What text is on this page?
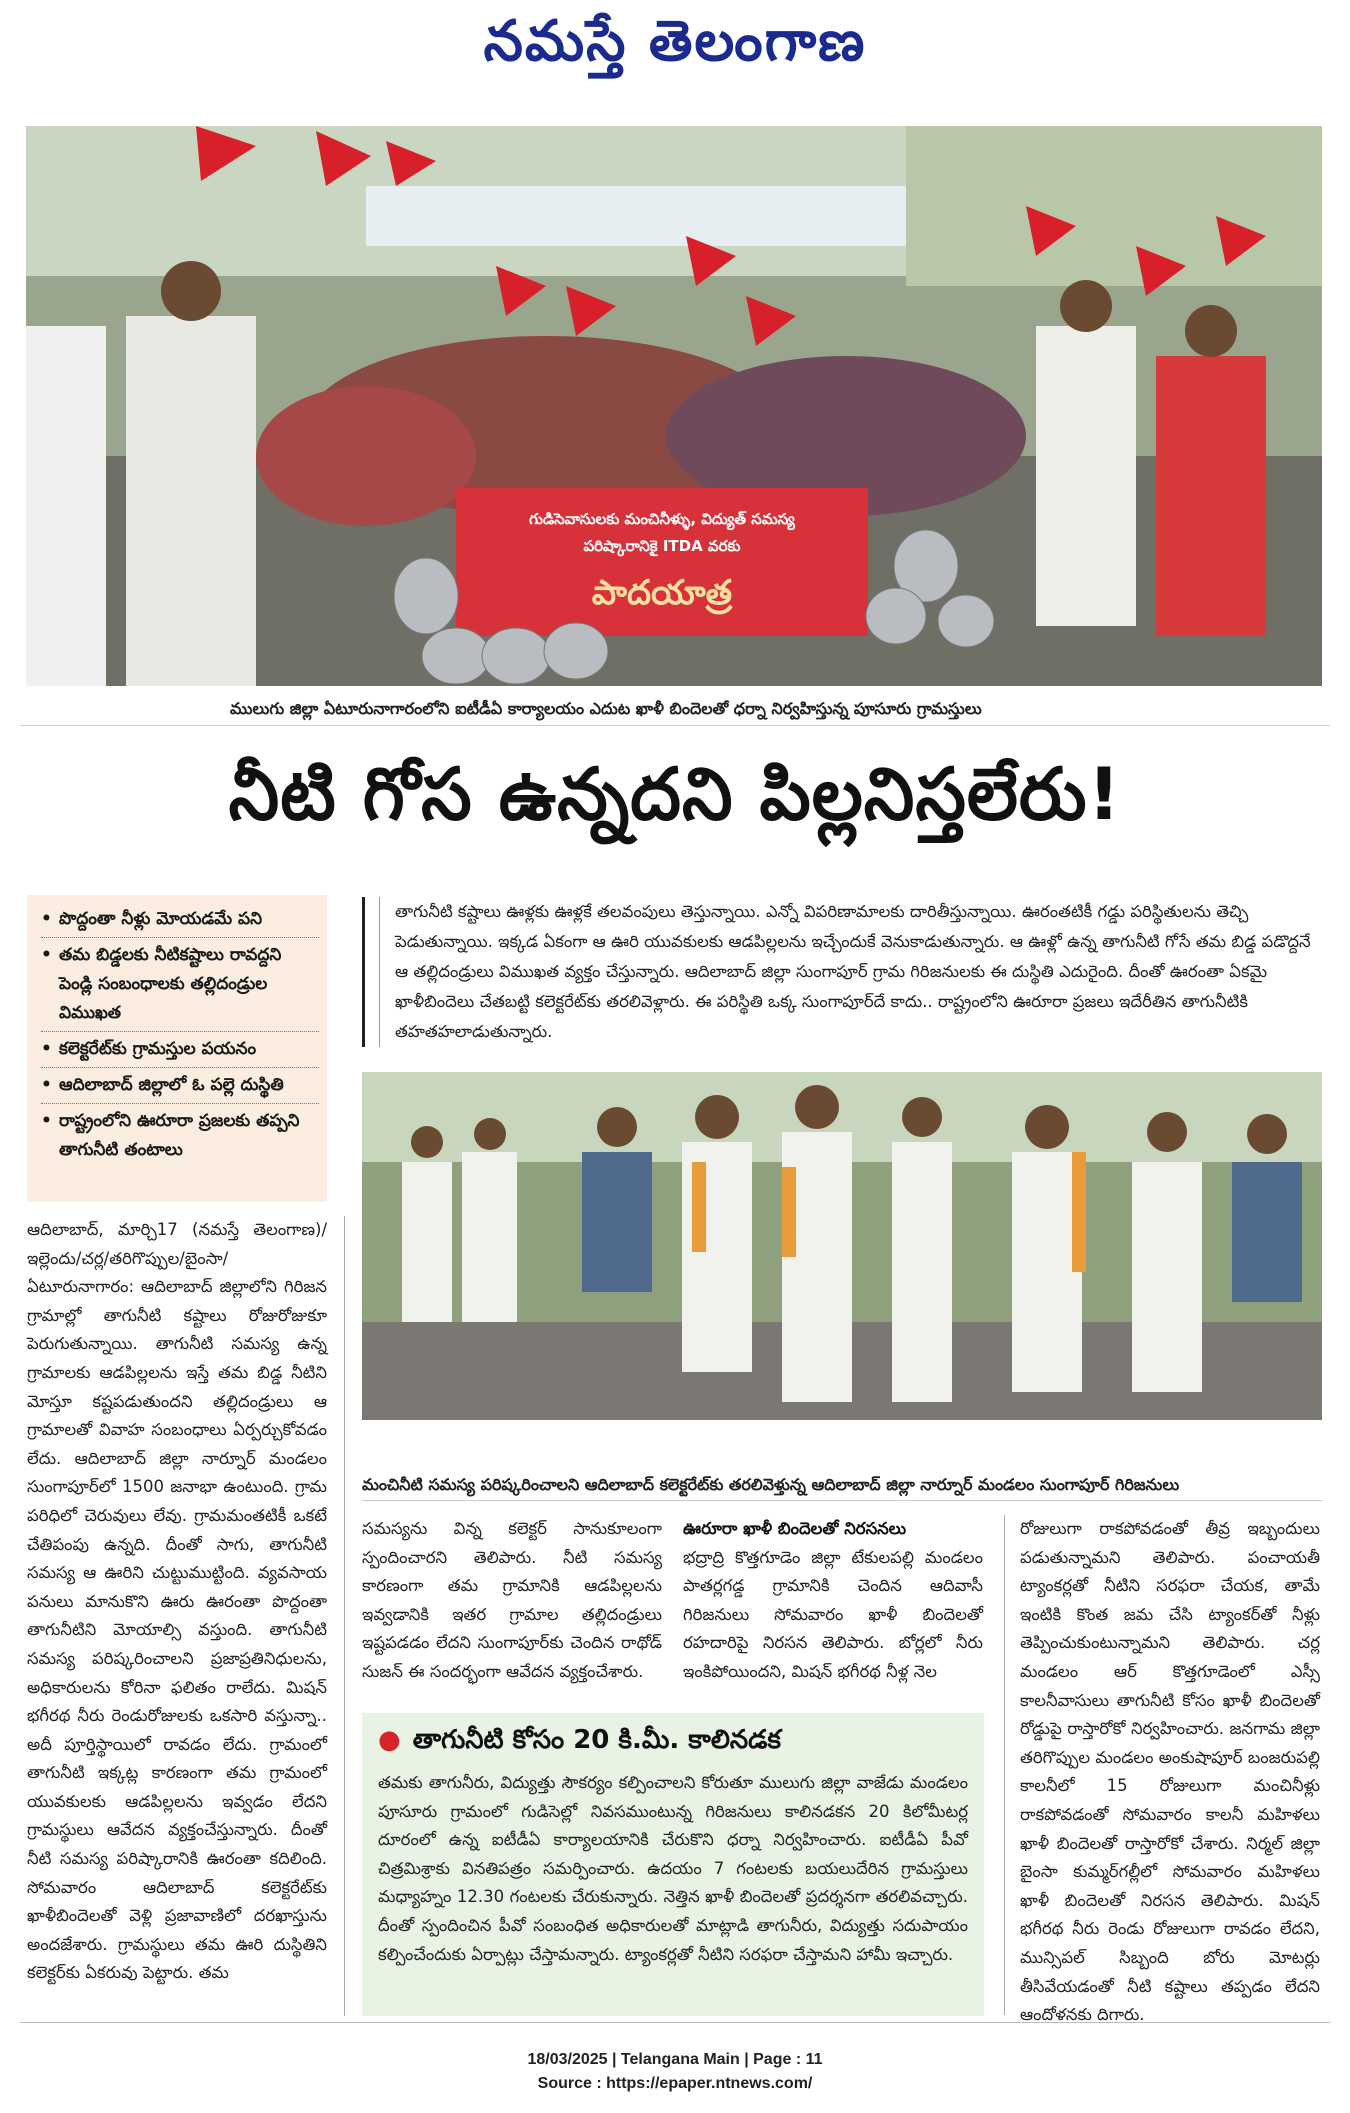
నమస్తే తెలంగాణ
గుడిసెవాసులకు మంచినీళ్ళు, విద్యుత్ సమస్య
పరిష్కారానికై ITDA వరకు
పాదయాత్ర
ములుగు జిల్లా ఏటూరునాగారంలోని ఐటీడీఏ కార్యాలయం ఎదుట ఖాళీ బిందెలతో ధర్నా నిర్వహిస్తున్న పూసూరు గ్రామస్తులు
నీటి గోస ఉన్నదని పిల్లనిస్తలేరు!
• పొద్దంతా నీళ్లు మోయడమే పని
• తమ బిడ్డలకు నీటికష్టాలు రావద్దని పెండ్లి సంబంధాలకు తల్లిదండ్రుల విముఖత
• కలెక్టరేట్‌కు గ్రామస్తుల పయనం
• ఆదిలాబాద్ జిల్లాలో ఓ పల్లె దుస్థితి
• రాష్ట్రంలోని ఊరూరా ప్రజలకు తప్పని తాగునీటి తంటాలు
తాగునీటి కష్టాలు ఊళ్లకు ఊళ్లకే తలవంపులు తెస్తున్నాయి. ఎన్నో విపరిణామాలకు దారితీస్తున్నాయి. ఊరంతటికీ గడ్డు పరిస్థితులను తెచ్చి పెడుతున్నాయి. ఇక్కడ ఏకంగా ఆ ఊరి యువకులకు ఆడపిల్లలను ఇచ్చేందుకే వెనుకాడుతున్నారు. ఆ ఊళ్లో ఉన్న తాగునీటి గోసే తమ బిడ్డ పడొద్దనే ఆ తల్లిదండ్రులు విముఖత వ్యక్తం చేస్తున్నారు. ఆదిలాబాద్ జిల్లా సుంగాపూర్ గ్రామ గిరిజనులకు ఈ దుస్థితి ఎదురైంది. దీంతో ఊరంతా ఏకమై ఖాళీబిందెలు చేతబట్టి కలెక్టరేట్‌కు తరలివెళ్లారు. ఈ పరిస్థితి ఒక్క సుంగాపూర్‌దే కాదు.. రాష్ట్రంలోని ఊరూరా ప్రజలు ఇదేరీతిన తాగునీటికి తహతహలాడుతున్నారు.
మంచినీటి సమస్య పరిష్కరించాలని ఆదిలాబాద్ కలెక్టరేట్‌కు తరలివెళ్తున్న ఆదిలాబాద్ జిల్లా నార్నూర్ మండలం సుంగాపూర్ గిరిజనులు

ఆదిలాబాద్, మార్చి17 (నమస్తే తెలంగాణ)/ఇల్లెందు/చర్ల/తరిగొప్పుల/బైంసా/ఏటూరునాగారం: ఆదిలాబాద్ జిల్లాలోని గిరిజన గ్రామాల్లో తాగునీటి కష్టాలు రోజురోజుకూ పెరుగుతున్నాయి. తాగునీటి సమస్య ఉన్న గ్రామాలకు ఆడపిల్లలను ఇస్తే తమ బిడ్డ నీటిని మోస్తూ కష్టపడుతుందని తల్లిదండ్రులు ఆ గ్రామాలతో వివాహ సంబంధాలు ఏర్పర్చుకోవడం లేదు. ఆదిలాబాద్ జిల్లా నార్నూర్ మండలం సుంగాపూర్‌లో 1500 జనాభా ఉంటుంది. గ్రామ పరిధిలో చెరువులు లేవు. గ్రామమంతటికీ ఒకటే చేతిపంపు ఉన్నది. దీంతో సాగు, తాగునీటి సమస్య ఆ ఊరిని చుట్టుముట్టింది. వ్యవసాయ పనులు మానుకొని ఊరు ఊరంతా పొద్దంతా తాగునీటిని మోయాల్సి వస్తుంది. తాగునీటి సమస్య పరిష్కరించాలని ప్రజాప్రతినిధులను, అధికారులను కోరినా ఫలితం రాలేదు. మిషన్ భగీరథ నీరు రెండురోజులకు ఒకసారి వస్తున్నా.. అదీ పూర్తిస్థాయిలో రావడం లేదు. గ్రామంలో తాగునీటి ఇక్కట్ల కారణంగా తమ గ్రామంలో యువకులకు ఆడపిల్లలను ఇవ్వడం లేదని గ్రామస్థులు ఆవేదన వ్యక్తంచేస్తున్నారు. దీంతో నీటి సమస్య పరిష్కారానికి ఊరంతా కదిలింది. సోమవారం ఆదిలాబాద్ కలెక్టరేట్‌కు ఖాళీబిందెలతో వెళ్లి ప్రజావాణిలో దరఖాస్తును అందజేశారు. గ్రామస్థులు తమ ఊరి దుస్థితిని కలెక్టర్‌కు ఏకరువు పెట్టారు. తమ

సమస్యను విన్న కలెక్టర్ సానుకూలంగా స్పందించారని తెలిపారు. నీటి సమస్య కారణంగా తమ గ్రామానికి ఆడపిల్లలను ఇవ్వడానికి ఇతర గ్రామాల తల్లిదండ్రులు ఇష్టపడడం లేదని సుంగాపూర్‌కు చెందిన రాథోడ్ సుజన్ ఈ సందర్భంగా ఆవేదన వ్యక్తంచేశారు.

ఊరూరా ఖాళీ బిందెలతో నిరసనలు

భద్రాద్రి కొత్తగూడెం జిల్లా టేకులపల్లి మండలం పాతర్లగడ్డ గ్రామానికి చెందిన ఆదివాసీ గిరిజనులు సోమవారం ఖాళీ బిందెలతో రహదారిపై నిరసన తెలిపారు. బోర్లలో నీరు ఇంకిపోయిందని, మిషన్ భగీరథ నీళ్ల నెల

రోజులుగా రాకపోవడంతో తీవ్ర ఇబ్బందులు పడుతున్నామని తెలిపారు. పంచాయతీ ట్యాంకర్లతో నీటిని సరఫరా చేయక, తామే ఇంటికి కొంత జమ చేసి ట్యాంకర్‌తో నీళ్లు తెప్పించుకుంటున్నామని తెలిపారు. చర్ల మండలం ఆర్ కొత్తగూడెంలో ఎస్సీ కాలనీవాసులు తాగునీటి కోసం ఖాళీ బిందెలతో రోడ్డుపై రాస్తారోకో నిర్వహించారు. జనగామ జిల్లా తరిగొప్పుల మండలం అంకుషాపూర్ బంజరుపల్లి కాలనీలో 15 రోజులుగా మంచినీళ్లు రాకపోవడంతో సోమవారం కాలనీ మహిళలు ఖాళీ బిందెలతో రాస్తారోకో చేశారు. నిర్మల్ జిల్లా బైంసా కుమ్మర్‌గల్లీలో సోమవారం మహిళలు ఖాళీ బిందెలతో నిరసన తెలిపారు. మిషన్ భగీరథ నీరు రెండు రోజులుగా రావడం లేదని, మున్సిపల్ సిబ్బంది బోరు మోటర్లు తీసివేయడంతో నీటి కష్టాలు తప్పడం లేదని ఆందోళనకు దిగారు.

● తాగునీటి కోసం 20 కి.మీ. కాలినడక
తమకు తాగునీరు, విద్యుత్తు సౌకర్యం కల్పించాలని కోరుతూ ములుగు జిల్లా వాజేడు మండలం పూసూరు గ్రామంలో గుడిసెల్లో నివసముంటున్న గిరిజనులు కాలినడకన 20 కిలోమీటర్ల దూరంలో ఉన్న ఐటీడీఏ కార్యాలయానికి చేరుకొని ధర్నా నిర్వహించారు. ఐటీడీఏ పీవో చిత్రమిశ్రాకు వినతిపత్రం సమర్పించారు. ఉదయం 7 గంటలకు బయలుదేరిన గ్రామస్తులు మధ్యాహ్నం 12.30 గంటలకు చేరుకున్నారు. నెత్తిన ఖాళీ బిందెలతో ప్రదర్శనగా తరలివచ్చారు. దీంతో స్పందించిన పీవో సంబంధిత అధికారులతో మాట్లాడి తాగునీరు, విద్యుత్తు సదుపాయం కల్పించేందుకు ఏర్పాట్లు చేస్తామన్నారు. ట్యాంకర్లతో నీటిని సరఫరా చేస్తామని హామీ ఇచ్చారు.
18/03/2025 | Telangana Main | Page : 11
Source : https://epaper.ntnews.com/
